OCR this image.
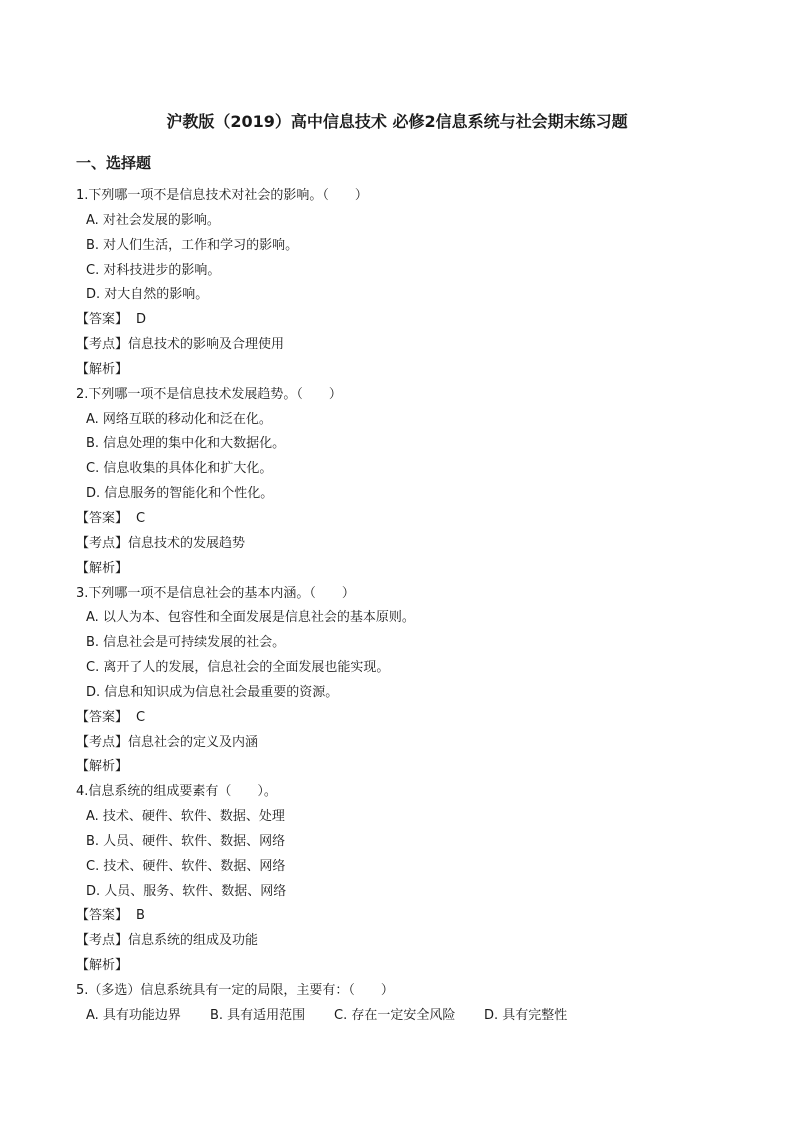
沪教版（2019）高中信息技术 必修2信息系统与社会期末练习题
一、选择题
1.下列哪一项不是信息技术对社会的影响。（　　）
A. 对社会发展的影响。
B. 对人们生活，工作和学习的影响。
C. 对科技进步的影响。
D. 对大自然的影响。
【答案】 D
【考点】信息技术的影响及合理使用
【解析】
2.下列哪一项不是信息技术发展趋势。（　　）
A. 网络互联的移动化和泛在化。
B. 信息处理的集中化和大数据化。
C. 信息收集的具体化和扩大化。
D. 信息服务的智能化和个性化。
【答案】 C
【考点】信息技术的发展趋势
【解析】
3.下列哪一项不是信息社会的基本内涵。（　　）
A. 以人为本、包容性和全面发展是信息社会的基本原则。
B. 信息社会是可持续发展的社会。
C. 离开了人的发展，信息社会的全面发展也能实现。
D. 信息和知识成为信息社会最重要的资源。
【答案】 C
【考点】信息社会的定义及内涵
【解析】
4.信息系统的组成要素有（　　）。
A. 技术、硬件、软件、数据、处理
B. 人员、硬件、软件、数据、网络
C. 技术、硬件、软件、数据、网络
D. 人员、服务、软件、数据、网络
【答案】 B
【考点】信息系统的组成及功能
【解析】
5.（多选）信息系统具有一定的局限，主要有：（　　）
A. 具有功能边界	B. 具有适用范围	C. 存在一定安全风险	D. 具有完整性
